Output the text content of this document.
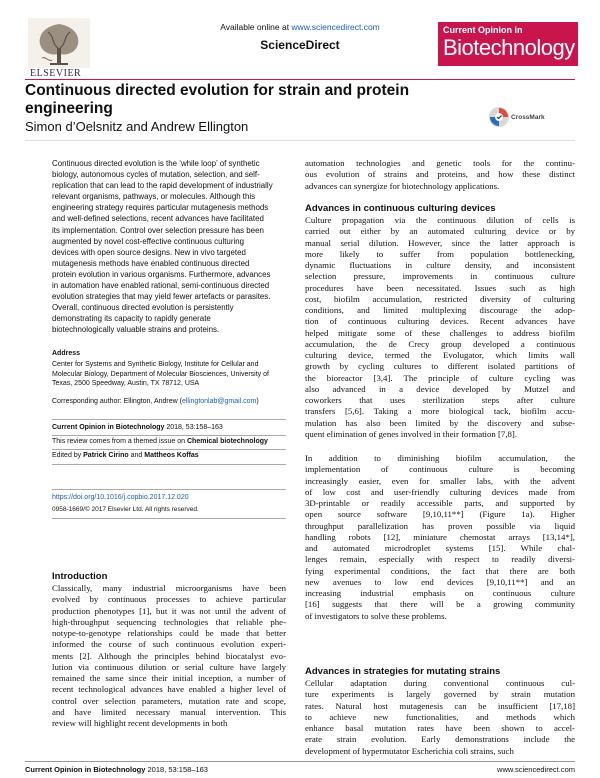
ELSEVIER
Available online at www.sciencedirect.com
ScienceDirect
Current Opinion in
Biotechnology
Continuous directed evolution for strain and protein engineering
Simon d’Oelsnitz and Andrew Ellington
CrossMark
Continuous directed evolution is the ‘while loop’ of synthetic
biology, autonomous cycles of mutation, selection, and self-
replication that can lead to the rapid development of industrially
relevant organisms, pathways, or molecules. Although this
engineering strategy requires particular mutagenesis methods
and well-defined selections, recent advances have facilitated
its implementation. Control over selection pressure has been
augmented by novel cost-effective continuous culturing
devices with open source designs. New in vivo targeted
mutagenesis methods have enabled continuous directed
protein evolution in various organisms. Furthermore, advances
in automation have enabled rational, semi-continuous directed
evolution strategies that may yield fewer artefacts or parasites.
Overall, continuous directed evolution is persistently
demonstrating its capacity to rapidly generate
biotechnologically valuable strains and proteins.
Address
Center for Systems and Synthetic Biology, Institute for Cellular and
Molecular Biology, Department of Molecular Biosciences, University of
Texas, 2500 Speedway, Austin, TX 78712, USA
Corresponding author: Ellington, Andrew (ellingtonlab@gmail.com)
Current Opinion in Biotechnology 2018, 53:158–163
This review comes from a themed issue on Chemical biotechnology
Edited by Patrick Cirino and Mattheos Koffas
https://doi.org/10.1016/j.copbio.2017.12.020
0958-1669/© 2017 Elsevier Ltd. All rights reserved.
Introduction
Classically, many industrial microorganisms have been
evolved by continuous processes to achieve particular
production phenotypes [1], but it was not until the advent of
high-throughput sequencing technologies that reliable phe-
notype-to-genotype relationships could be made that better
informed the course of such continuous evolution experi-
ments [2]. Although the principles behind biocatalyst evo-
lution via continuous dilution or serial culture have largely
remained the same since their initial inception, a number of
recent technological advances have enabled a higher level of
control over selection parameters, mutation rate and scope,
and have limited necessary manual intervention. This
review will highlight recent developments in both
automation technologies and genetic tools for the continu-
ous evolution of strains and proteins, and how these distinct
advances can synergize for biotechnology applications.
Advances in continuous culturing devices
Culture propagation via the continuous dilution of cells is
carried out either by an automated culturing device or by
manual serial dilution. However, since the latter approach is
more likely to suffer from population bottlenecking,
dynamic fluctuations in culture density, and inconsistent
selection pressure, improvements in continuous culture
procedures have been necessitated. Issues such as high
cost, biofilm accumulation, restricted diversity of culturing
conditions, and limited multiplexing discourage the adop-
tion of continuous culturing devices. Recent advances have
helped mitigate some of these challenges to address biofilm
accumulation, the de Crecy group developed a continuous
culturing device, termed the Evolugator, which limits wall
growth by cycling cultures to different isolated partitions of
the bioreactor [3,4]. The principle of culture cycling was
also advanced in a device developed by Mutzel and
coworkers that uses sterilization steps after culture
transfers [5,6]. Taking a more biological tack, biofilm accu-
mulation has also been limited by the discovery and subse-
quent elimination of genes involved in their formation [7,8].
In addition to diminishing biofilm accumulation, the
implementation of continuous culture is becoming
increasingly easier, even for smaller labs, with the advent
of low cost and user-friendly culturing devices made from
3D-printable or readily accessible parts, and supported by
open source software [9,10,11**] (Figure 1a). Higher
throughput parallelization has proven possible via liquid
handling robots [12], miniature chemostat arrays [13,14*],
and automated microdroplet systems [15]. While chal-
lenges remain, especially with respect to readily diversi-
fying experimental conditions, the fact that there are both
new avenues to low end devices [9,10,11**] and an
increasing industrial emphasis on continuous culture
[16] suggests that there will be a growing community
of investigators to solve these problems.
Advances in strategies for mutating strains
Cellular adaptation during conventional continuous cul-
ture experiments is largely governed by strain mutation
rates. Natural host mutagenesis can be insufficient [17,18]
to achieve new functionalities, and methods which
enhance basal mutation rates have been shown to accel-
erate strain evolution. Early demonstrations include the
development of hypermutator Escherichia coli strains, such
Current Opinion in Biotechnology 2018, 53:158–163	www.sciencedirect.com
